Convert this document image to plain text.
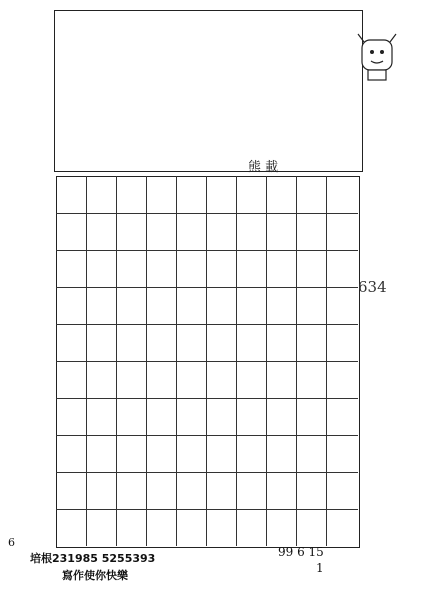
熊 載
634
6
99 6 15
1
培根231985 5255393
寫作使你快樂
